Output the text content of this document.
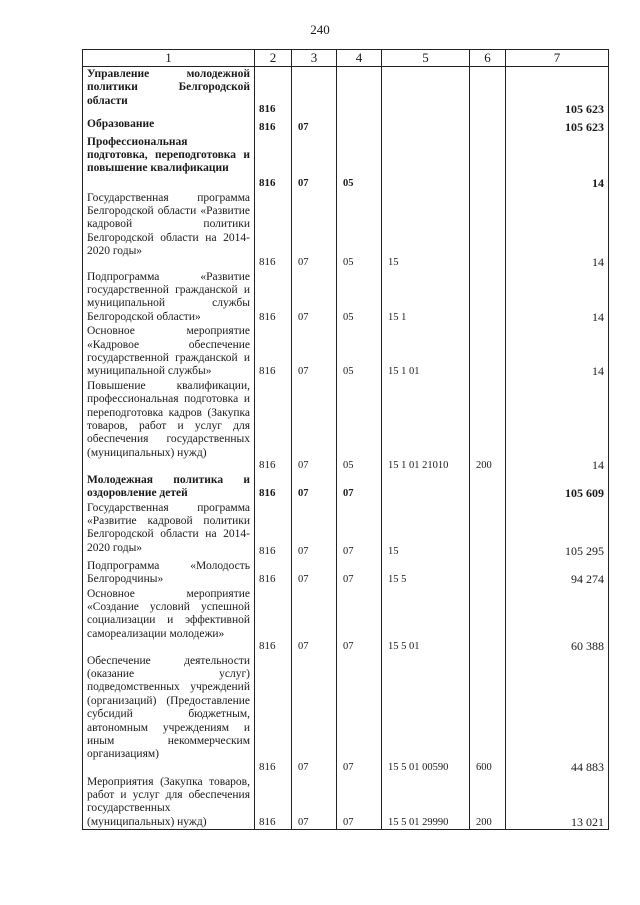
240
1	2	3	4	5	6	7
Управление молодежной политики Белгородской области	816					105 623
Образование	816	07				105 623
Профессиональная подготовка, переподготовка и повышение квалификации	816	07	05			14
Государственная программа Белгородской области «Развитие кадровой политики Белгородской области на 2014-2020 годы»	816	07	05	15		14
Подпрограмма «Развитие государственной гражданской и муниципальной службы Белгородской области»	816	07	05	15 1		14
Основное мероприятие «Кадровое обеспечение государственной гражданской и муниципальной службы»	816	07	05	15 1 01		14
Повышение квалификации, профессиональная подготовка и переподготовка кадров (Закупка товаров, работ и услуг для обеспечения государственных (муниципальных) нужд)	816	07	05	15 1 01 21010	200	14
Молодежная политика и оздоровление детей	816	07	07			105 609
Государственная программа «Развитие кадровой политики Белгородской области на 2014-2020 годы»	816	07	07	15		105 295
Подпрограмма «Молодость Белгородчины»	816	07	07	15 5		94 274
Основное мероприятие «Создание условий успешной социализации и эффективной самореализации молодежи»	816	07	07	15 5 01		60 388
Обеспечение деятельности (оказание услуг) подведомственных учреждений (организаций) (Предоставление субсидий бюджетным, автономным учреждениям и иным некоммерческим организациям)	816	07	07	15 5 01 00590	600	44 883
Мероприятия (Закупка товаров, работ и услуг для обеспечения государственных (муниципальных) нужд)	816	07	07	15 5 01 29990	200	13 021
